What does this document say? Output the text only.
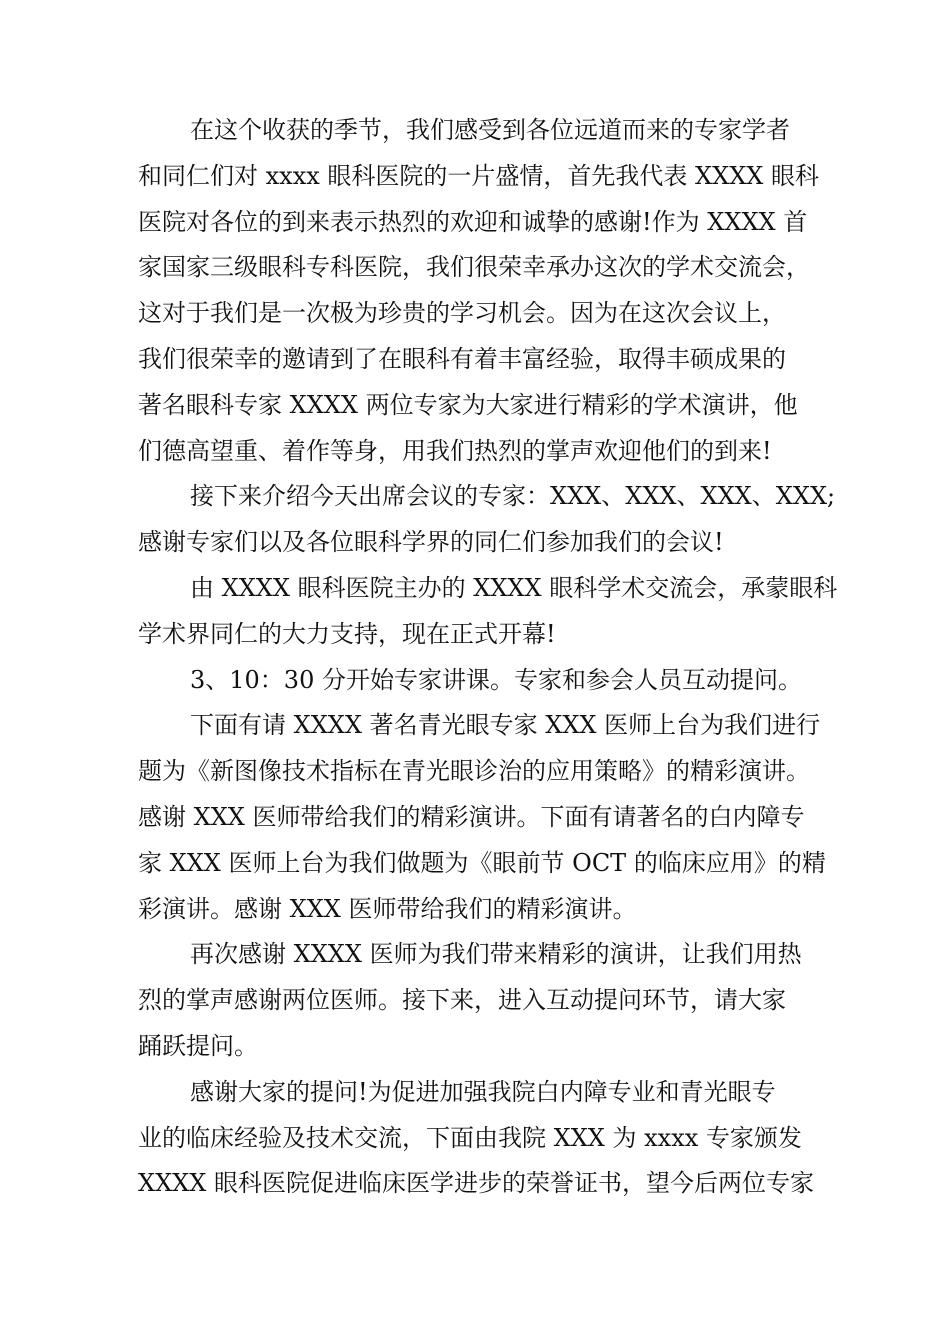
在这个收获的季节，我们感受到各位远道而来的专家学者
和同仁们对 xxxx 眼科医院的一片盛情，首先我代表 XXXX 眼科
医院对各位的到来表示热烈的欢迎和诚挚的感谢!作为 XXXX 首
家国家三级眼科专科医院，我们很荣幸承办这次的学术交流会，
这对于我们是一次极为珍贵的学习机会。因为在这次会议上，
我们很荣幸的邀请到了在眼科有着丰富经验，取得丰硕成果的
著名眼科专家 XXXX 两位专家为大家进行精彩的学术演讲，他
们德高望重、着作等身，用我们热烈的掌声欢迎他们的到来!
接下来介绍今天出席会议的专家：XXX、XXX、XXX、XXX;
感谢专家们以及各位眼科学界的同仁们参加我们的会议!
由 XXXX 眼科医院主办的 XXXX 眼科学术交流会，承蒙眼科
学术界同仁的大力支持，现在正式开幕!
3、10：30 分开始专家讲课。专家和参会人员互动提问。
下面有请 XXXX 著名青光眼专家 XXX 医师上台为我们进行
题为《新图像技术指标在青光眼诊治的应用策略》的精彩演讲。
感谢 XXX 医师带给我们的精彩演讲。下面有请著名的白内障专
家 XXX 医师上台为我们做题为《眼前节 OCT 的临床应用》的精
彩演讲。感谢 XXX 医师带给我们的精彩演讲。
再次感谢 XXXX 医师为我们带来精彩的演讲，让我们用热
烈的掌声感谢两位医师。接下来，进入互动提问环节，请大家
踊跃提问。
感谢大家的提问!为促进加强我院白内障专业和青光眼专
业的临床经验及技术交流，下面由我院 XXX 为 xxxx 专家颁发
XXXX 眼科医院促进临床医学进步的荣誉证书，望今后两位专家
